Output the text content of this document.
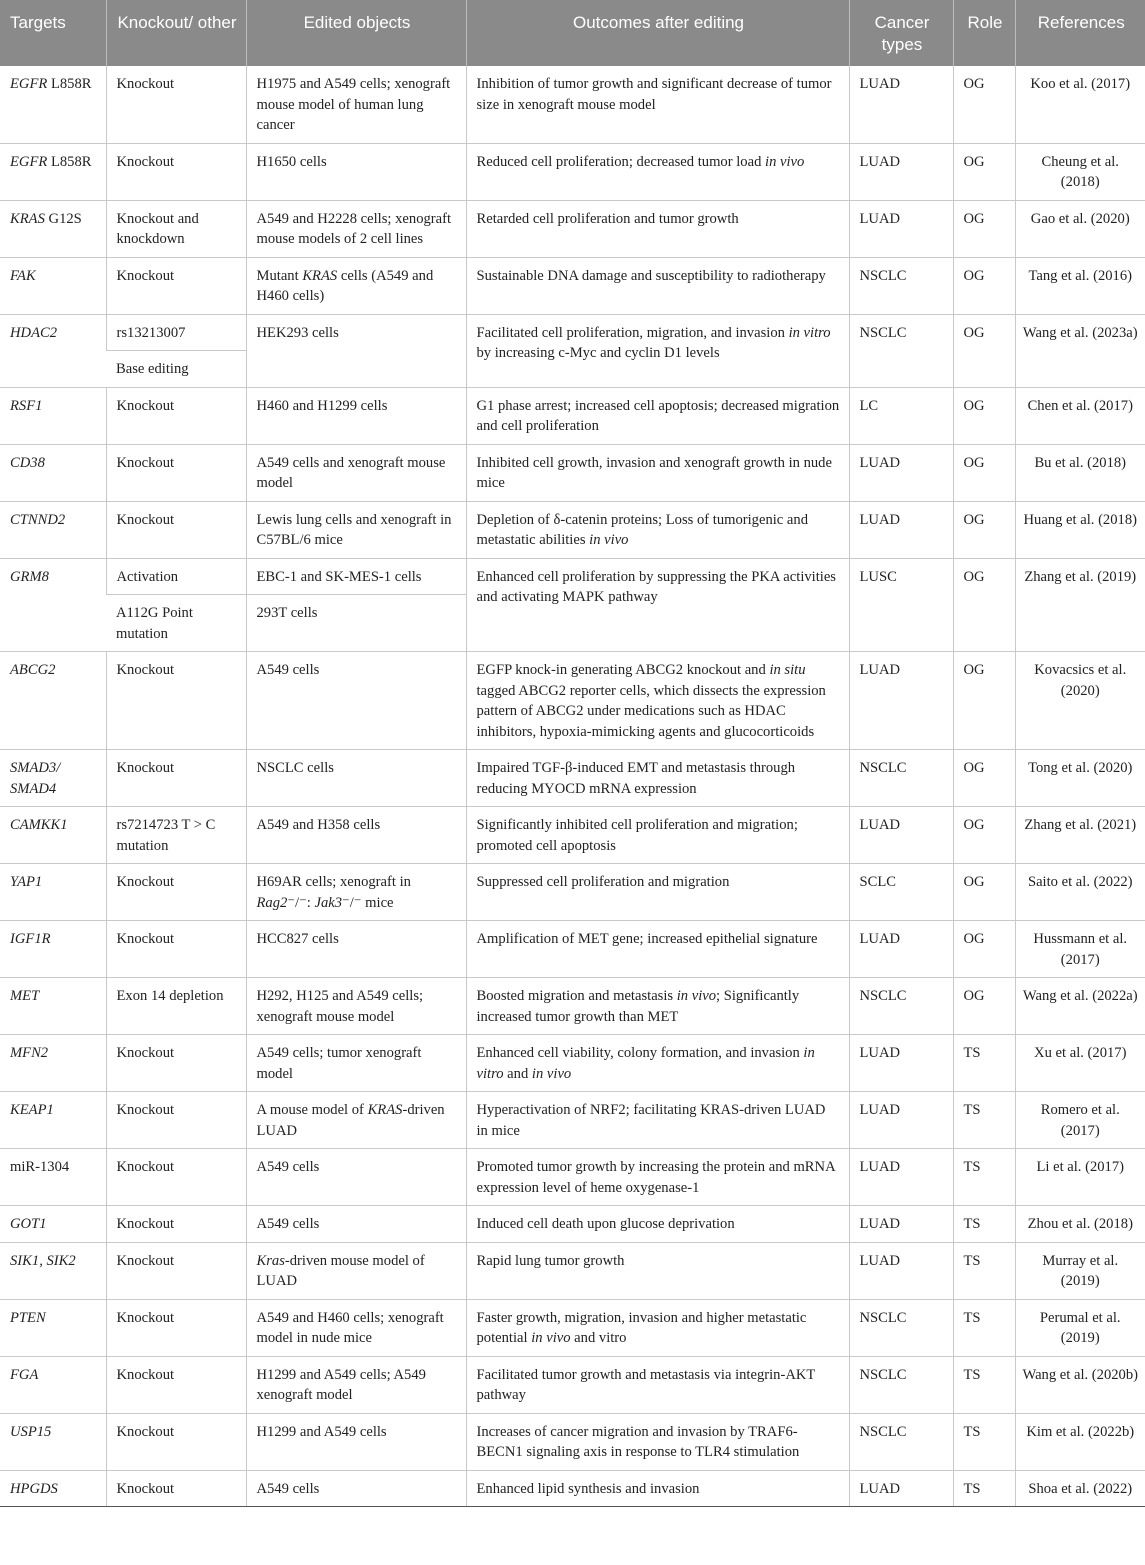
Targets	Knockout/ other	Edited objects	Outcomes after editing	Cancer types	Role	References
EGFR L858R	Knockout	H1975 and A549 cells; xenograft mouse model of human lung cancer	Inhibition of tumor growth and significant decrease of tumor size in xenograft mouse model	LUAD	OG	Koo et al. (2017)
EGFR L858R	Knockout	H1650 cells	Reduced cell proliferation; decreased tumor load in vivo	LUAD	OG	Cheung et al. (2018)
KRAS G12S	Knockout and knockdown	A549 and H2228 cells; xenograft mouse models of 2 cell lines	Retarded cell proliferation and tumor growth	LUAD	OG	Gao et al. (2020)
FAK	Knockout	Mutant KRAS cells (A549 and H460 cells)	Sustainable DNA damage and susceptibility to radiotherapy	NSCLC	OG	Tang et al. (2016)
HDAC2	rs13213007	HEK293 cells	Facilitated cell proliferation, migration, and invasion in vitro by increasing c-Myc and cyclin D1 levels	NSCLC	OG	Wang et al. (2023a)
	Base editing					
RSF1	Knockout	H460 and H1299 cells	G1 phase arrest; increased cell apoptosis; decreased migration and cell proliferation	LC	OG	Chen et al. (2017)
CD38	Knockout	A549 cells and xenograft mouse model	Inhibited cell growth, invasion and xenograft growth in nude mice	LUAD	OG	Bu et al. (2018)
CTNND2	Knockout	Lewis lung cells and xenograft in C57BL/6 mice	Depletion of δ-catenin proteins; Loss of tumorigenic and metastatic abilities in vivo	LUAD	OG	Huang et al. (2018)
GRM8	Activation	EBC-1 and SK-MES-1 cells	Enhanced cell proliferation by suppressing the PKA activities and activating MAPK pathway	LUSC	OG	Zhang et al. (2019)
	A112G Point mutation	293T cells				
ABCG2	Knockout	A549 cells	EGFP knock-in generating ABCG2 knockout and in situ tagged ABCG2 reporter cells, which dissects the expression pattern of ABCG2 under medications such as HDAC inhibitors, hypoxia-mimicking agents and glucocorticoids	LUAD	OG	Kovacsics et al. (2020)
SMAD3/ SMAD4	Knockout	NSCLC cells	Impaired TGF-β-induced EMT and metastasis through reducing MYOCD mRNA expression	NSCLC	OG	Tong et al. (2020)
CAMKK1	rs7214723 T > C mutation	A549 and H358 cells	Significantly inhibited cell proliferation and migration; promoted cell apoptosis	LUAD	OG	Zhang et al. (2021)
YAP1	Knockout	H69AR cells; xenograft in Rag2⁻/⁻: Jak3⁻/⁻ mice	Suppressed cell proliferation and migration	SCLC	OG	Saito et al. (2022)
IGF1R	Knockout	HCC827 cells	Amplification of MET gene; increased epithelial signature	LUAD	OG	Hussmann et al. (2017)
MET	Exon 14 depletion	H292, H125 and A549 cells; xenograft mouse model	Boosted migration and metastasis in vivo; Significantly increased tumor growth than MET	NSCLC	OG	Wang et al. (2022a)
MFN2	Knockout	A549 cells; tumor xenograft model	Enhanced cell viability, colony formation, and invasion in vitro and in vivo	LUAD	TS	Xu et al. (2017)
KEAP1	Knockout	A mouse model of KRAS-driven LUAD	Hyperactivation of NRF2; facilitating KRAS-driven LUAD in mice	LUAD	TS	Romero et al. (2017)
miR-1304	Knockout	A549 cells	Promoted tumor growth by increasing the protein and mRNA expression level of heme oxygenase-1	LUAD	TS	Li et al. (2017)
GOT1	Knockout	A549 cells	Induced cell death upon glucose deprivation	LUAD	TS	Zhou et al. (2018)
SIK1, SIK2	Knockout	Kras-driven mouse model of LUAD	Rapid lung tumor growth	LUAD	TS	Murray et al. (2019)
PTEN	Knockout	A549 and H460 cells; xenograft model in nude mice	Faster growth, migration, invasion and higher metastatic potential in vivo and vitro	NSCLC	TS	Perumal et al. (2019)
FGA	Knockout	H1299 and A549 cells; A549 xenograft model	Facilitated tumor growth and metastasis via integrin-AKT pathway	NSCLC	TS	Wang et al. (2020b)
USP15	Knockout	H1299 and A549 cells	Increases of cancer migration and invasion by TRAF6-BECN1 signaling axis in response to TLR4 stimulation	NSCLC	TS	Kim et al. (2022b)
HPGDS	Knockout	A549 cells	Enhanced lipid synthesis and invasion	LUAD	TS	Shoa et al. (2022)
